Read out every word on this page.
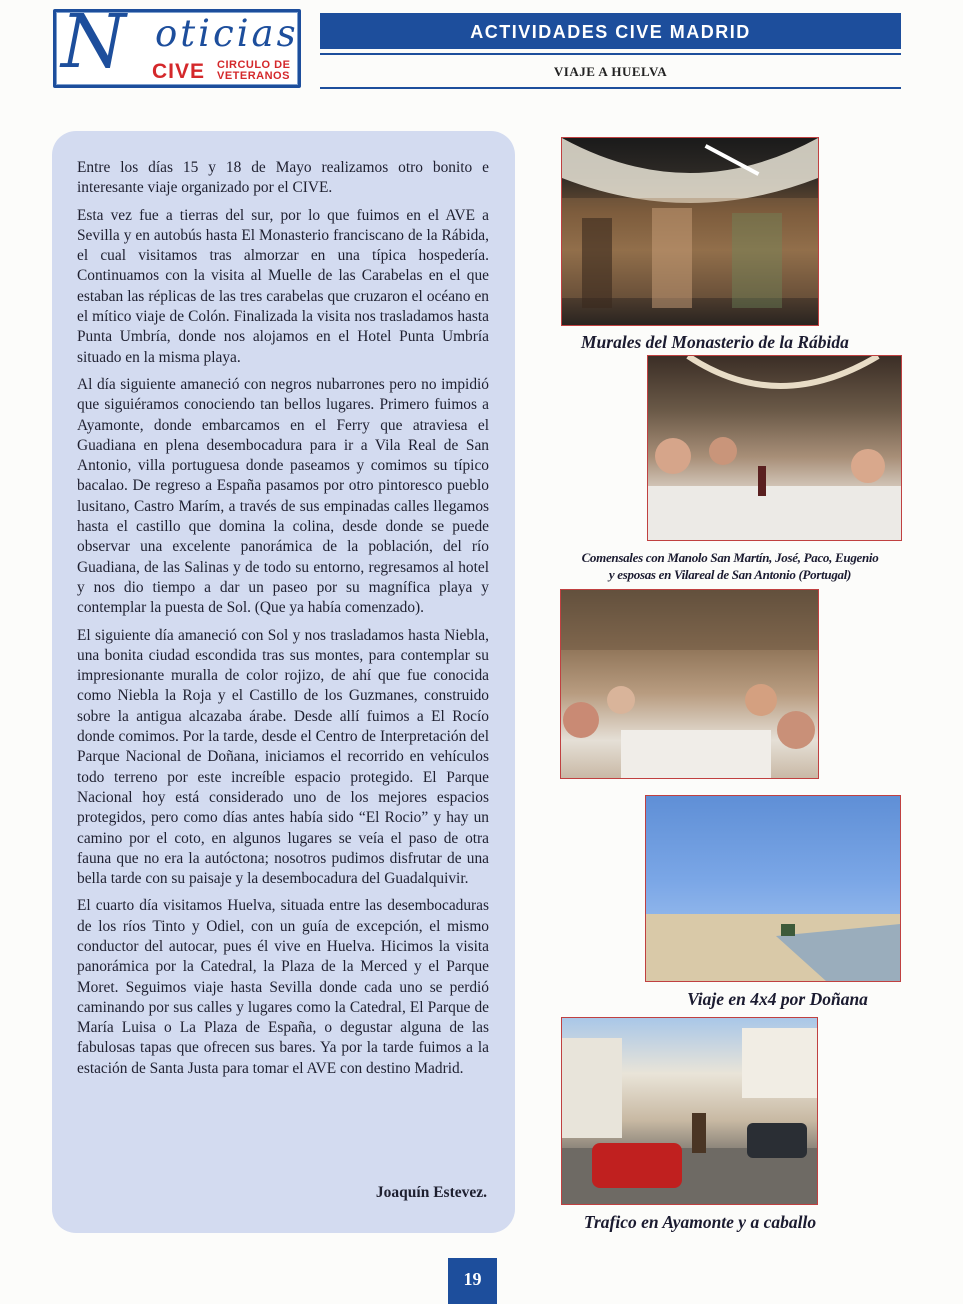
N oticias
CIVE CIRCULO DE
VETERANOS
ACTIVIDADES CIVE MADRID
VIAJE A HUELVA

Entre los días 15 y 18 de Mayo realizamos otro bonito e interesante viaje organizado por el CIVE.

Esta vez fue a tierras del sur, por lo que fuimos en el AVE a Sevilla y en autobús hasta El Monasterio franciscano de la Rábida, el cual visitamos tras almorzar en una típica hospedería. Continuamos con la visita al Muelle de las Carabelas en el que estaban las réplicas de las tres carabelas que cruzaron el océano en el mítico viaje de Colón. Finalizada la visita nos trasladamos hasta Punta Umbría, donde nos alojamos en el Hotel Punta Umbría situado en la misma playa.

Al día siguiente amaneció con negros nubarrones pero no impidió que siguiéramos conociendo tan bellos lugares. Primero fuimos a Ayamonte, donde embarcamos en el Ferry que atraviesa el Guadiana en plena desembocadura para ir a Vila Real de San Antonio, villa portuguesa donde paseamos y comimos su típico bacalao. De regreso a España pasamos por otro pintoresco pueblo lusitano, Castro Marím, a través de sus empinadas calles llegamos hasta el castillo que domina la colina, desde donde se puede observar una excelente panorámica de la población, del río Guadiana, de las Salinas y de todo su entorno, regresamos al hotel y nos dio tiempo a dar un paseo por su magnífica playa y contemplar la puesta de Sol. (Que ya había comenzado).

El siguiente día amaneció con Sol y nos trasladamos hasta Niebla, una bonita ciudad escondida tras sus montes, para contemplar su impresionante muralla de color rojizo, de ahí que fue conocida como Niebla la Roja y el Castillo de los Guzmanes, construido sobre la antigua alcazaba árabe. Desde allí fuimos a El Rocío donde comimos. Por la tarde, desde el Centro de Interpretación del Parque Nacional de Doñana, iniciamos el recorrido en vehículos todo terreno por este increíble espacio protegido. El Parque Nacional hoy está considerado uno de los mejores espacios protegidos, pero como días antes había sido “El Rocio” y hay un camino por el coto, en algunos lugares se veía el paso de otra fauna que no era la autóctona; nosotros pudimos disfrutar de una bella tarde con su paisaje y la desembocadura del Guadalquivir.

El cuarto día visitamos Huelva, situada entre las desembocaduras de los ríos Tinto y Odiel, con un guía de excepción, el mismo conductor del autocar, pues él vive en Huelva. Hicimos la visita panorámica por la Catedral, la Plaza de la Merced y el Parque Moret. Seguimos viaje hasta Sevilla donde cada uno se perdió caminando por sus calles y lugares como la Catedral, El Parque de María Luisa o La Plaza de España, o degustar alguna de las fabulosas tapas que ofrecen sus bares. Ya por la tarde fuimos a la estación de Santa Justa para tomar el AVE con destino Madrid.

Joaquín Estevez.
Murales del Monasterio de la Rábida
Comensales con Manolo San Martín, José, Paco, Eugenio
y esposas en Vilareal de San Antonio (Portugal)
Viaje en 4x4 por Doñana
Trafico en Ayamonte y a caballo
19
